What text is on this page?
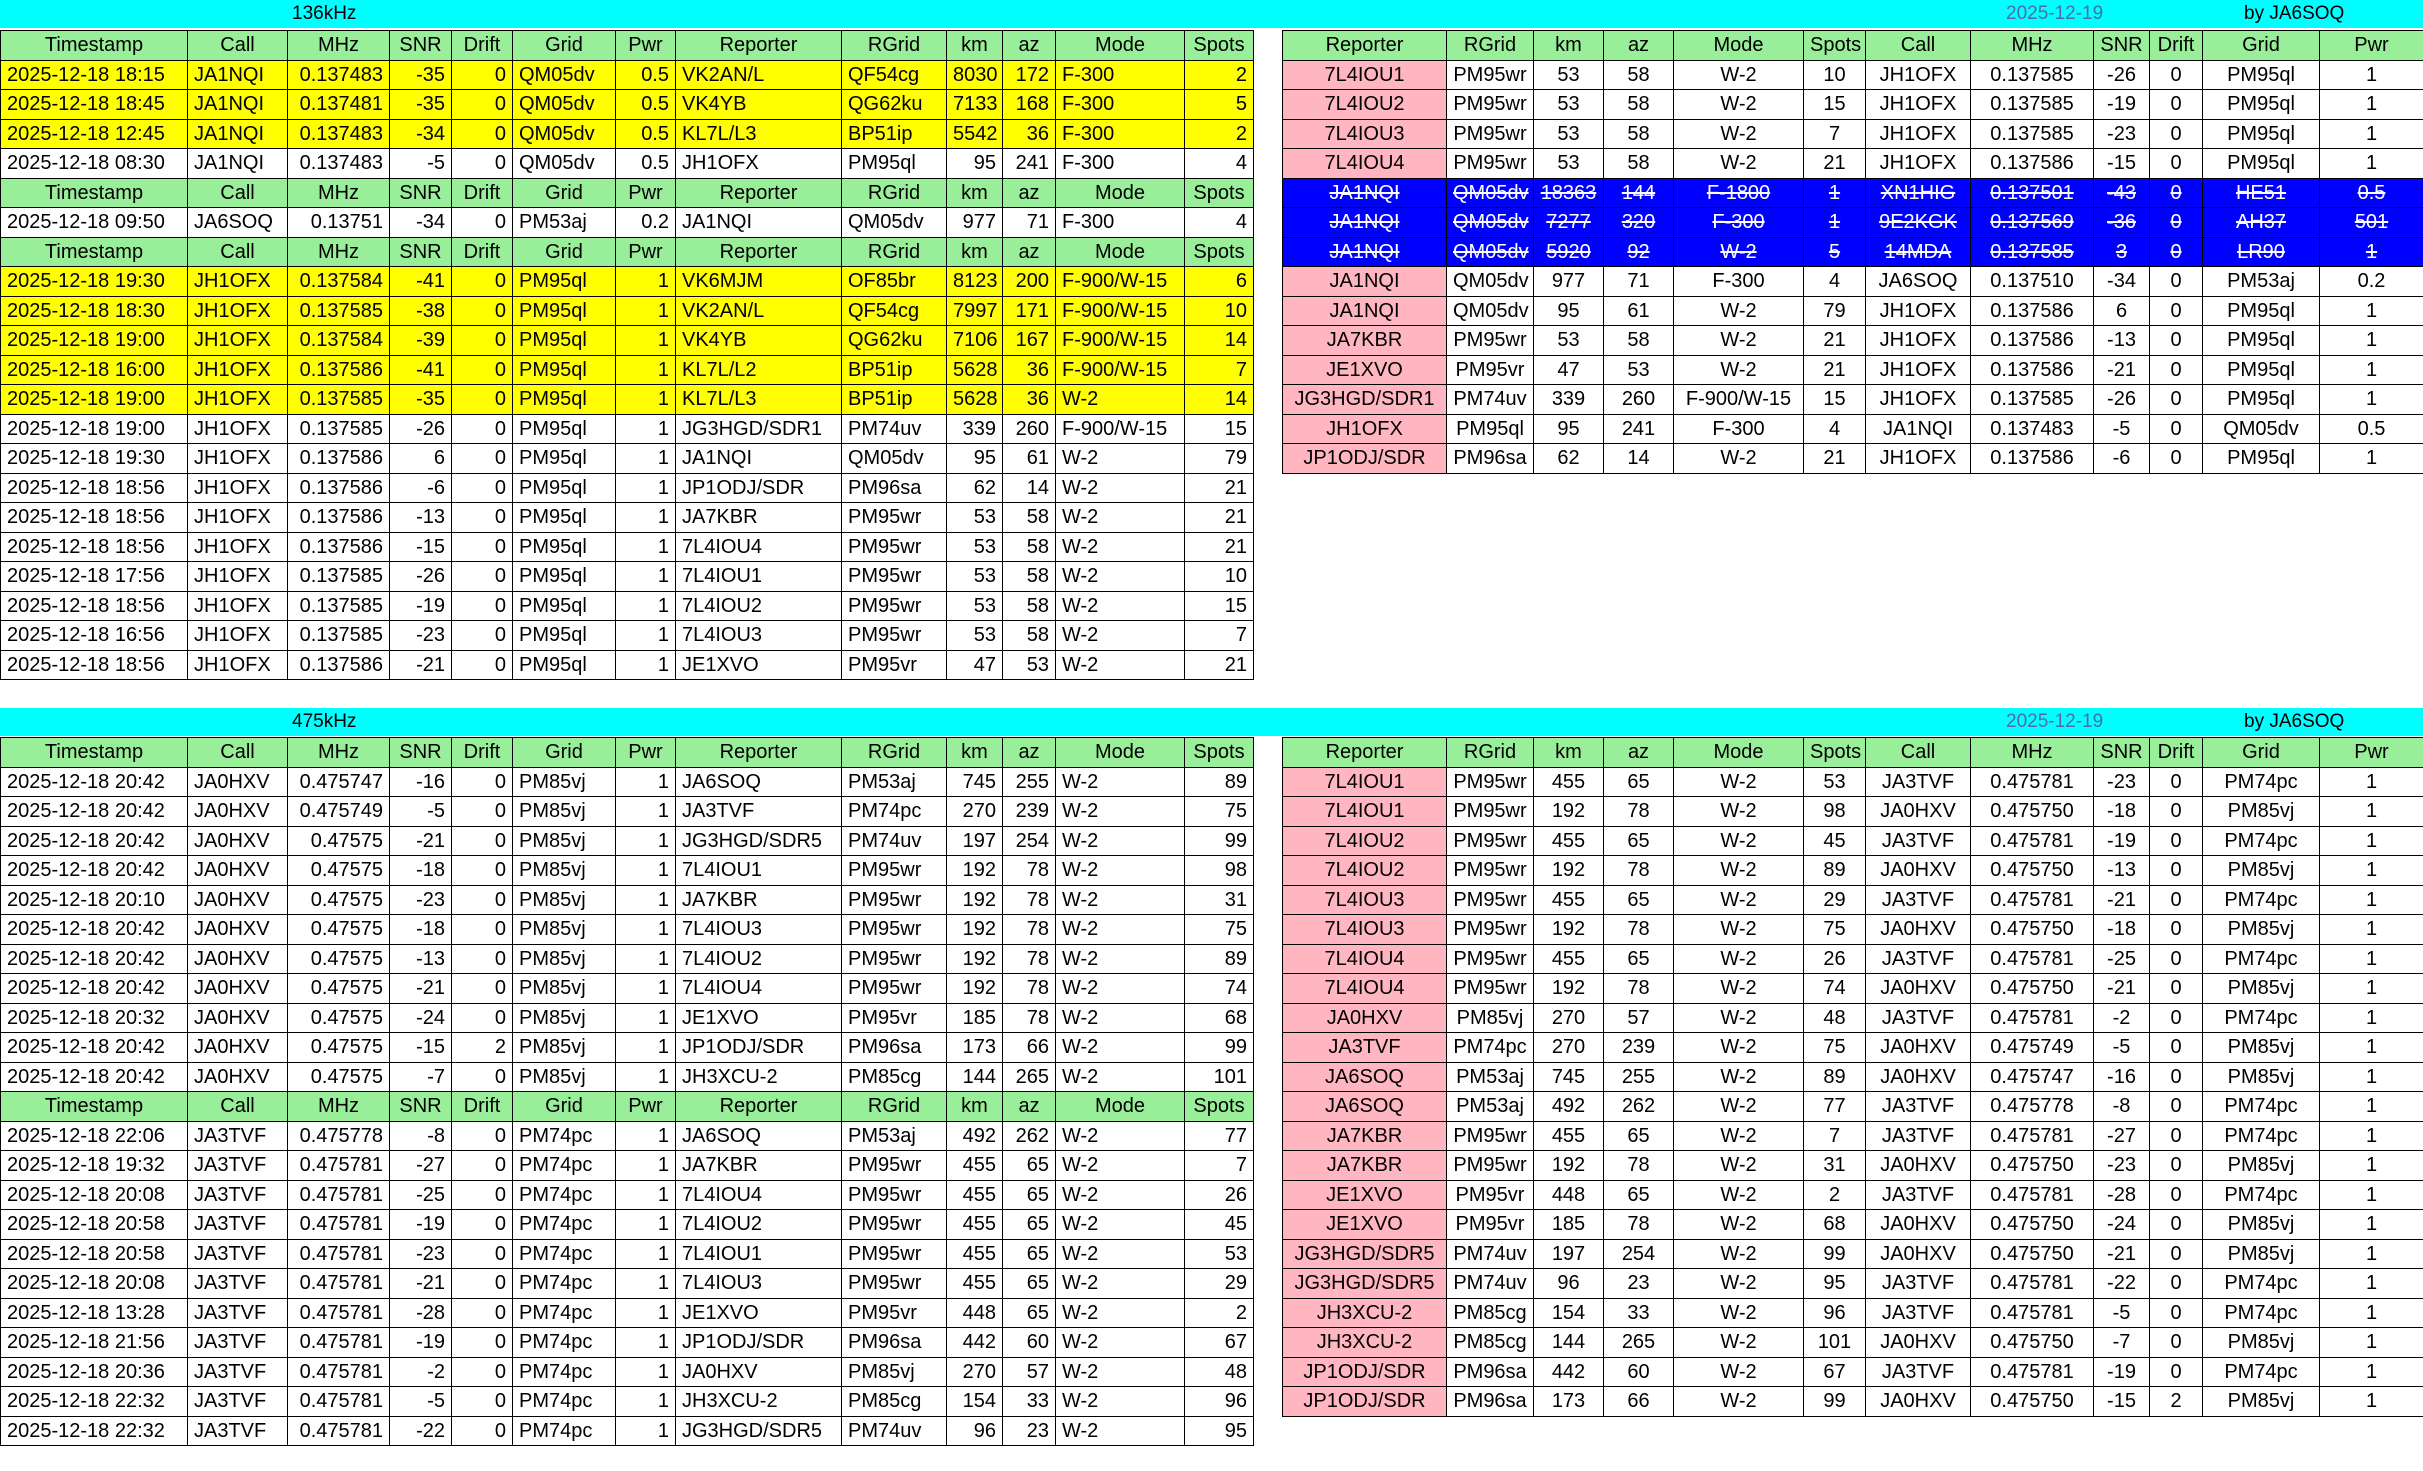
136kHz	2025-12-19	by JA6SOQ
Timestamp	Call	MHz	SNR	Drift	Grid	Pwr	Reporter	RGrid	km	az	Mode	Spots
2025-12-18 18:15	JA1NQI	0.137483	-35	0	QM05dv	0.5	VK2AN/L	QF54cg	8030	172	F-300	2
2025-12-18 18:45	JA1NQI	0.137481	-35	0	QM05dv	0.5	VK4YB	QG62ku	7133	168	F-300	5
2025-12-18 12:45	JA1NQI	0.137483	-34	0	QM05dv	0.5	KL7L/L3	BP51ip	5542	36	F-300	2
2025-12-18 08:30	JA1NQI	0.137483	-5	0	QM05dv	0.5	JH1OFX	PM95ql	95	241	F-300	4
Timestamp	Call	MHz	SNR	Drift	Grid	Pwr	Reporter	RGrid	km	az	Mode	Spots
2025-12-18 09:50	JA6SOQ	0.13751	-34	0	PM53aj	0.2	JA1NQI	QM05dv	977	71	F-300	4
Timestamp	Call	MHz	SNR	Drift	Grid	Pwr	Reporter	RGrid	km	az	Mode	Spots
2025-12-18 19:30	JH1OFX	0.137584	-41	0	PM95ql	1	VK6MJM	OF85br	8123	200	F-900/W-15	6
2025-12-18 18:30	JH1OFX	0.137585	-38	0	PM95ql	1	VK2AN/L	QF54cg	7997	171	F-900/W-15	10
2025-12-18 19:00	JH1OFX	0.137584	-39	0	PM95ql	1	VK4YB	QG62ku	7106	167	F-900/W-15	14
2025-12-18 16:00	JH1OFX	0.137586	-41	0	PM95ql	1	KL7L/L2	BP51ip	5628	36	F-900/W-15	7
2025-12-18 19:00	JH1OFX	0.137585	-35	0	PM95ql	1	KL7L/L3	BP51ip	5628	36	W-2	14
2025-12-18 19:00	JH1OFX	0.137585	-26	0	PM95ql	1	JG3HGD/SDR1	PM74uv	339	260	F-900/W-15	15
2025-12-18 19:30	JH1OFX	0.137586	6	0	PM95ql	1	JA1NQI	QM05dv	95	61	W-2	79
2025-12-18 18:56	JH1OFX	0.137586	-6	0	PM95ql	1	JP1ODJ/SDR	PM96sa	62	14	W-2	21
2025-12-18 18:56	JH1OFX	0.137586	-13	0	PM95ql	1	JA7KBR	PM95wr	53	58	W-2	21
2025-12-18 18:56	JH1OFX	0.137586	-15	0	PM95ql	1	7L4IOU4	PM95wr	53	58	W-2	21
2025-12-18 17:56	JH1OFX	0.137585	-26	0	PM95ql	1	7L4IOU1	PM95wr	53	58	W-2	10
2025-12-18 18:56	JH1OFX	0.137585	-19	0	PM95ql	1	7L4IOU2	PM95wr	53	58	W-2	15
2025-12-18 16:56	JH1OFX	0.137585	-23	0	PM95ql	1	7L4IOU3	PM95wr	53	58	W-2	7
2025-12-18 18:56	JH1OFX	0.137586	-21	0	PM95ql	1	JE1XVO	PM95vr	47	53	W-2	21
Reporter	RGrid	km	az	Mode	Spots	Call	MHz	SNR	Drift	Grid	Pwr
7L4IOU1	PM95wr	53	58	W-2	10	JH1OFX	0.137585	-26	0	PM95ql	1
7L4IOU2	PM95wr	53	58	W-2	15	JH1OFX	0.137585	-19	0	PM95ql	1
7L4IOU3	PM95wr	53	58	W-2	7	JH1OFX	0.137585	-23	0	PM95ql	1
7L4IOU4	PM95wr	53	58	W-2	21	JH1OFX	0.137586	-15	0	PM95ql	1
JA1NQI	QM05dv	18363	144	F-1800	1	XN1HIG	0.137501	-43	0	HE51	0.5
JA1NQI	QM05dv	7277	320	F-300	1	9E2KGK	0.137569	-36	0	AH37	501
JA1NQI	QM05dv	5920	92	W-2	5	14MDA	0.137585	3	0	LR90	1
JA1NQI	QM05dv	977	71	F-300	4	JA6SOQ	0.137510	-34	0	PM53aj	0.2
JA1NQI	QM05dv	95	61	W-2	79	JH1OFX	0.137586	6	0	PM95ql	1
JA7KBR	PM95wr	53	58	W-2	21	JH1OFX	0.137586	-13	0	PM95ql	1
JE1XVO	PM95vr	47	53	W-2	21	JH1OFX	0.137586	-21	0	PM95ql	1
JG3HGD/SDR1	PM74uv	339	260	F-900/W-15	15	JH1OFX	0.137585	-26	0	PM95ql	1
JH1OFX	PM95ql	95	241	F-300	4	JA1NQI	0.137483	-5	0	QM05dv	0.5
JP1ODJ/SDR	PM96sa	62	14	W-2	21	JH1OFX	0.137586	-6	0	PM95ql	1
475kHz	2025-12-19	by JA6SOQ
Timestamp	Call	MHz	SNR	Drift	Grid	Pwr	Reporter	RGrid	km	az	Mode	Spots
2025-12-18 20:42	JA0HXV	0.475747	-16	0	PM85vj	1	JA6SOQ	PM53aj	745	255	W-2	89
2025-12-18 20:42	JA0HXV	0.475749	-5	0	PM85vj	1	JA3TVF	PM74pc	270	239	W-2	75
2025-12-18 20:42	JA0HXV	0.47575	-21	0	PM85vj	1	JG3HGD/SDR5	PM74uv	197	254	W-2	99
2025-12-18 20:42	JA0HXV	0.47575	-18	0	PM85vj	1	7L4IOU1	PM95wr	192	78	W-2	98
2025-12-18 20:10	JA0HXV	0.47575	-23	0	PM85vj	1	JA7KBR	PM95wr	192	78	W-2	31
2025-12-18 20:42	JA0HXV	0.47575	-18	0	PM85vj	1	7L4IOU3	PM95wr	192	78	W-2	75
2025-12-18 20:42	JA0HXV	0.47575	-13	0	PM85vj	1	7L4IOU2	PM95wr	192	78	W-2	89
2025-12-18 20:42	JA0HXV	0.47575	-21	0	PM85vj	1	7L4IOU4	PM95wr	192	78	W-2	74
2025-12-18 20:32	JA0HXV	0.47575	-24	0	PM85vj	1	JE1XVO	PM95vr	185	78	W-2	68
2025-12-18 20:42	JA0HXV	0.47575	-15	2	PM85vj	1	JP1ODJ/SDR	PM96sa	173	66	W-2	99
2025-12-18 20:42	JA0HXV	0.47575	-7	0	PM85vj	1	JH3XCU-2	PM85cg	144	265	W-2	101
Timestamp	Call	MHz	SNR	Drift	Grid	Pwr	Reporter	RGrid	km	az	Mode	Spots
2025-12-18 22:06	JA3TVF	0.475778	-8	0	PM74pc	1	JA6SOQ	PM53aj	492	262	W-2	77
2025-12-18 19:32	JA3TVF	0.475781	-27	0	PM74pc	1	JA7KBR	PM95wr	455	65	W-2	7
2025-12-18 20:08	JA3TVF	0.475781	-25	0	PM74pc	1	7L4IOU4	PM95wr	455	65	W-2	26
2025-12-18 20:58	JA3TVF	0.475781	-19	0	PM74pc	1	7L4IOU2	PM95wr	455	65	W-2	45
2025-12-18 20:58	JA3TVF	0.475781	-23	0	PM74pc	1	7L4IOU1	PM95wr	455	65	W-2	53
2025-12-18 20:08	JA3TVF	0.475781	-21	0	PM74pc	1	7L4IOU3	PM95wr	455	65	W-2	29
2025-12-18 13:28	JA3TVF	0.475781	-28	0	PM74pc	1	JE1XVO	PM95vr	448	65	W-2	2
2025-12-18 21:56	JA3TVF	0.475781	-19	0	PM74pc	1	JP1ODJ/SDR	PM96sa	442	60	W-2	67
2025-12-18 20:36	JA3TVF	0.475781	-2	0	PM74pc	1	JA0HXV	PM85vj	270	57	W-2	48
2025-12-18 22:32	JA3TVF	0.475781	-5	0	PM74pc	1	JH3XCU-2	PM85cg	154	33	W-2	96
2025-12-18 22:32	JA3TVF	0.475781	-22	0	PM74pc	1	JG3HGD/SDR5	PM74uv	96	23	W-2	95
Reporter	RGrid	km	az	Mode	Spots	Call	MHz	SNR	Drift	Grid	Pwr
7L4IOU1	PM95wr	455	65	W-2	53	JA3TVF	0.475781	-23	0	PM74pc	1
7L4IOU1	PM95wr	192	78	W-2	98	JA0HXV	0.475750	-18	0	PM85vj	1
7L4IOU2	PM95wr	455	65	W-2	45	JA3TVF	0.475781	-19	0	PM74pc	1
7L4IOU2	PM95wr	192	78	W-2	89	JA0HXV	0.475750	-13	0	PM85vj	1
7L4IOU3	PM95wr	455	65	W-2	29	JA3TVF	0.475781	-21	0	PM74pc	1
7L4IOU3	PM95wr	192	78	W-2	75	JA0HXV	0.475750	-18	0	PM85vj	1
7L4IOU4	PM95wr	455	65	W-2	26	JA3TVF	0.475781	-25	0	PM74pc	1
7L4IOU4	PM95wr	192	78	W-2	74	JA0HXV	0.475750	-21	0	PM85vj	1
JA0HXV	PM85vj	270	57	W-2	48	JA3TVF	0.475781	-2	0	PM74pc	1
JA3TVF	PM74pc	270	239	W-2	75	JA0HXV	0.475749	-5	0	PM85vj	1
JA6SOQ	PM53aj	745	255	W-2	89	JA0HXV	0.475747	-16	0	PM85vj	1
JA6SOQ	PM53aj	492	262	W-2	77	JA3TVF	0.475778	-8	0	PM74pc	1
JA7KBR	PM95wr	455	65	W-2	7	JA3TVF	0.475781	-27	0	PM74pc	1
JA7KBR	PM95wr	192	78	W-2	31	JA0HXV	0.475750	-23	0	PM85vj	1
JE1XVO	PM95vr	448	65	W-2	2	JA3TVF	0.475781	-28	0	PM74pc	1
JE1XVO	PM95vr	185	78	W-2	68	JA0HXV	0.475750	-24	0	PM85vj	1
JG3HGD/SDR5	PM74uv	197	254	W-2	99	JA0HXV	0.475750	-21	0	PM85vj	1
JG3HGD/SDR5	PM74uv	96	23	W-2	95	JA3TVF	0.475781	-22	0	PM74pc	1
JH3XCU-2	PM85cg	154	33	W-2	96	JA3TVF	0.475781	-5	0	PM74pc	1
JH3XCU-2	PM85cg	144	265	W-2	101	JA0HXV	0.475750	-7	0	PM85vj	1
JP1ODJ/SDR	PM96sa	442	60	W-2	67	JA3TVF	0.475781	-19	0	PM74pc	1
JP1ODJ/SDR	PM96sa	173	66	W-2	99	JA0HXV	0.475750	-15	2	PM85vj	1
